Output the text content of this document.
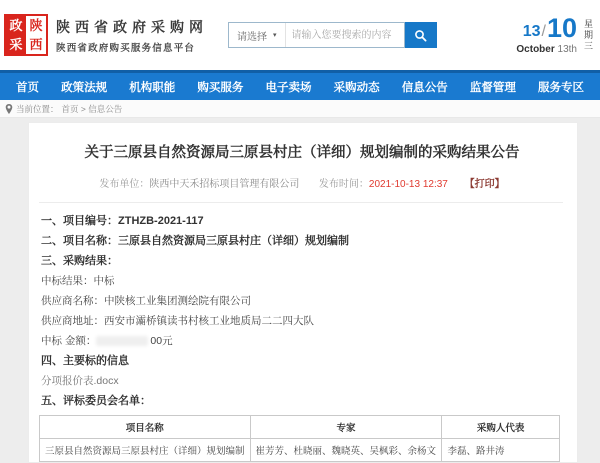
政 陕
采 西
陕西省政府采购网
陕西省政府购买服务信息平台
请选择 ▾
请输入您要搜索的内容	13 / 10
October 13th 星期三
首页	政策法规	机构职能	购买服务	电子卖场	采购动态	信息公告	监督管理	服务专区
当前位置： 首页 > 信息公告
关于三原县自然资源局三原县村庄（详细）规划编制的采购结果公告
发布单位：陕西中天禾招标项目管理有限公司 发布时间：2021-10-13 12:37 【打印】
一、项目编号：ZTHZB-2021-117
二、项目名称：三原县自然资源局三原县村庄（详细）规划编制
三、采购结果：
中标结果：中标
供应商名称：中陕核工业集团测绘院有限公司
供应商地址：西安市灞桥镇读书村核工业地质局二二四大队
中标 金额：	00元
四、主要标的信息
分项报价表.docx
五、评标委员会名单：
项目名称	专家	采购人代表
三原县自然资源局三原县村庄（详细）规划编制	崔芳芳、杜晓丽、魏晓英、吴枫彩、余杨文	李磊、路井涛
